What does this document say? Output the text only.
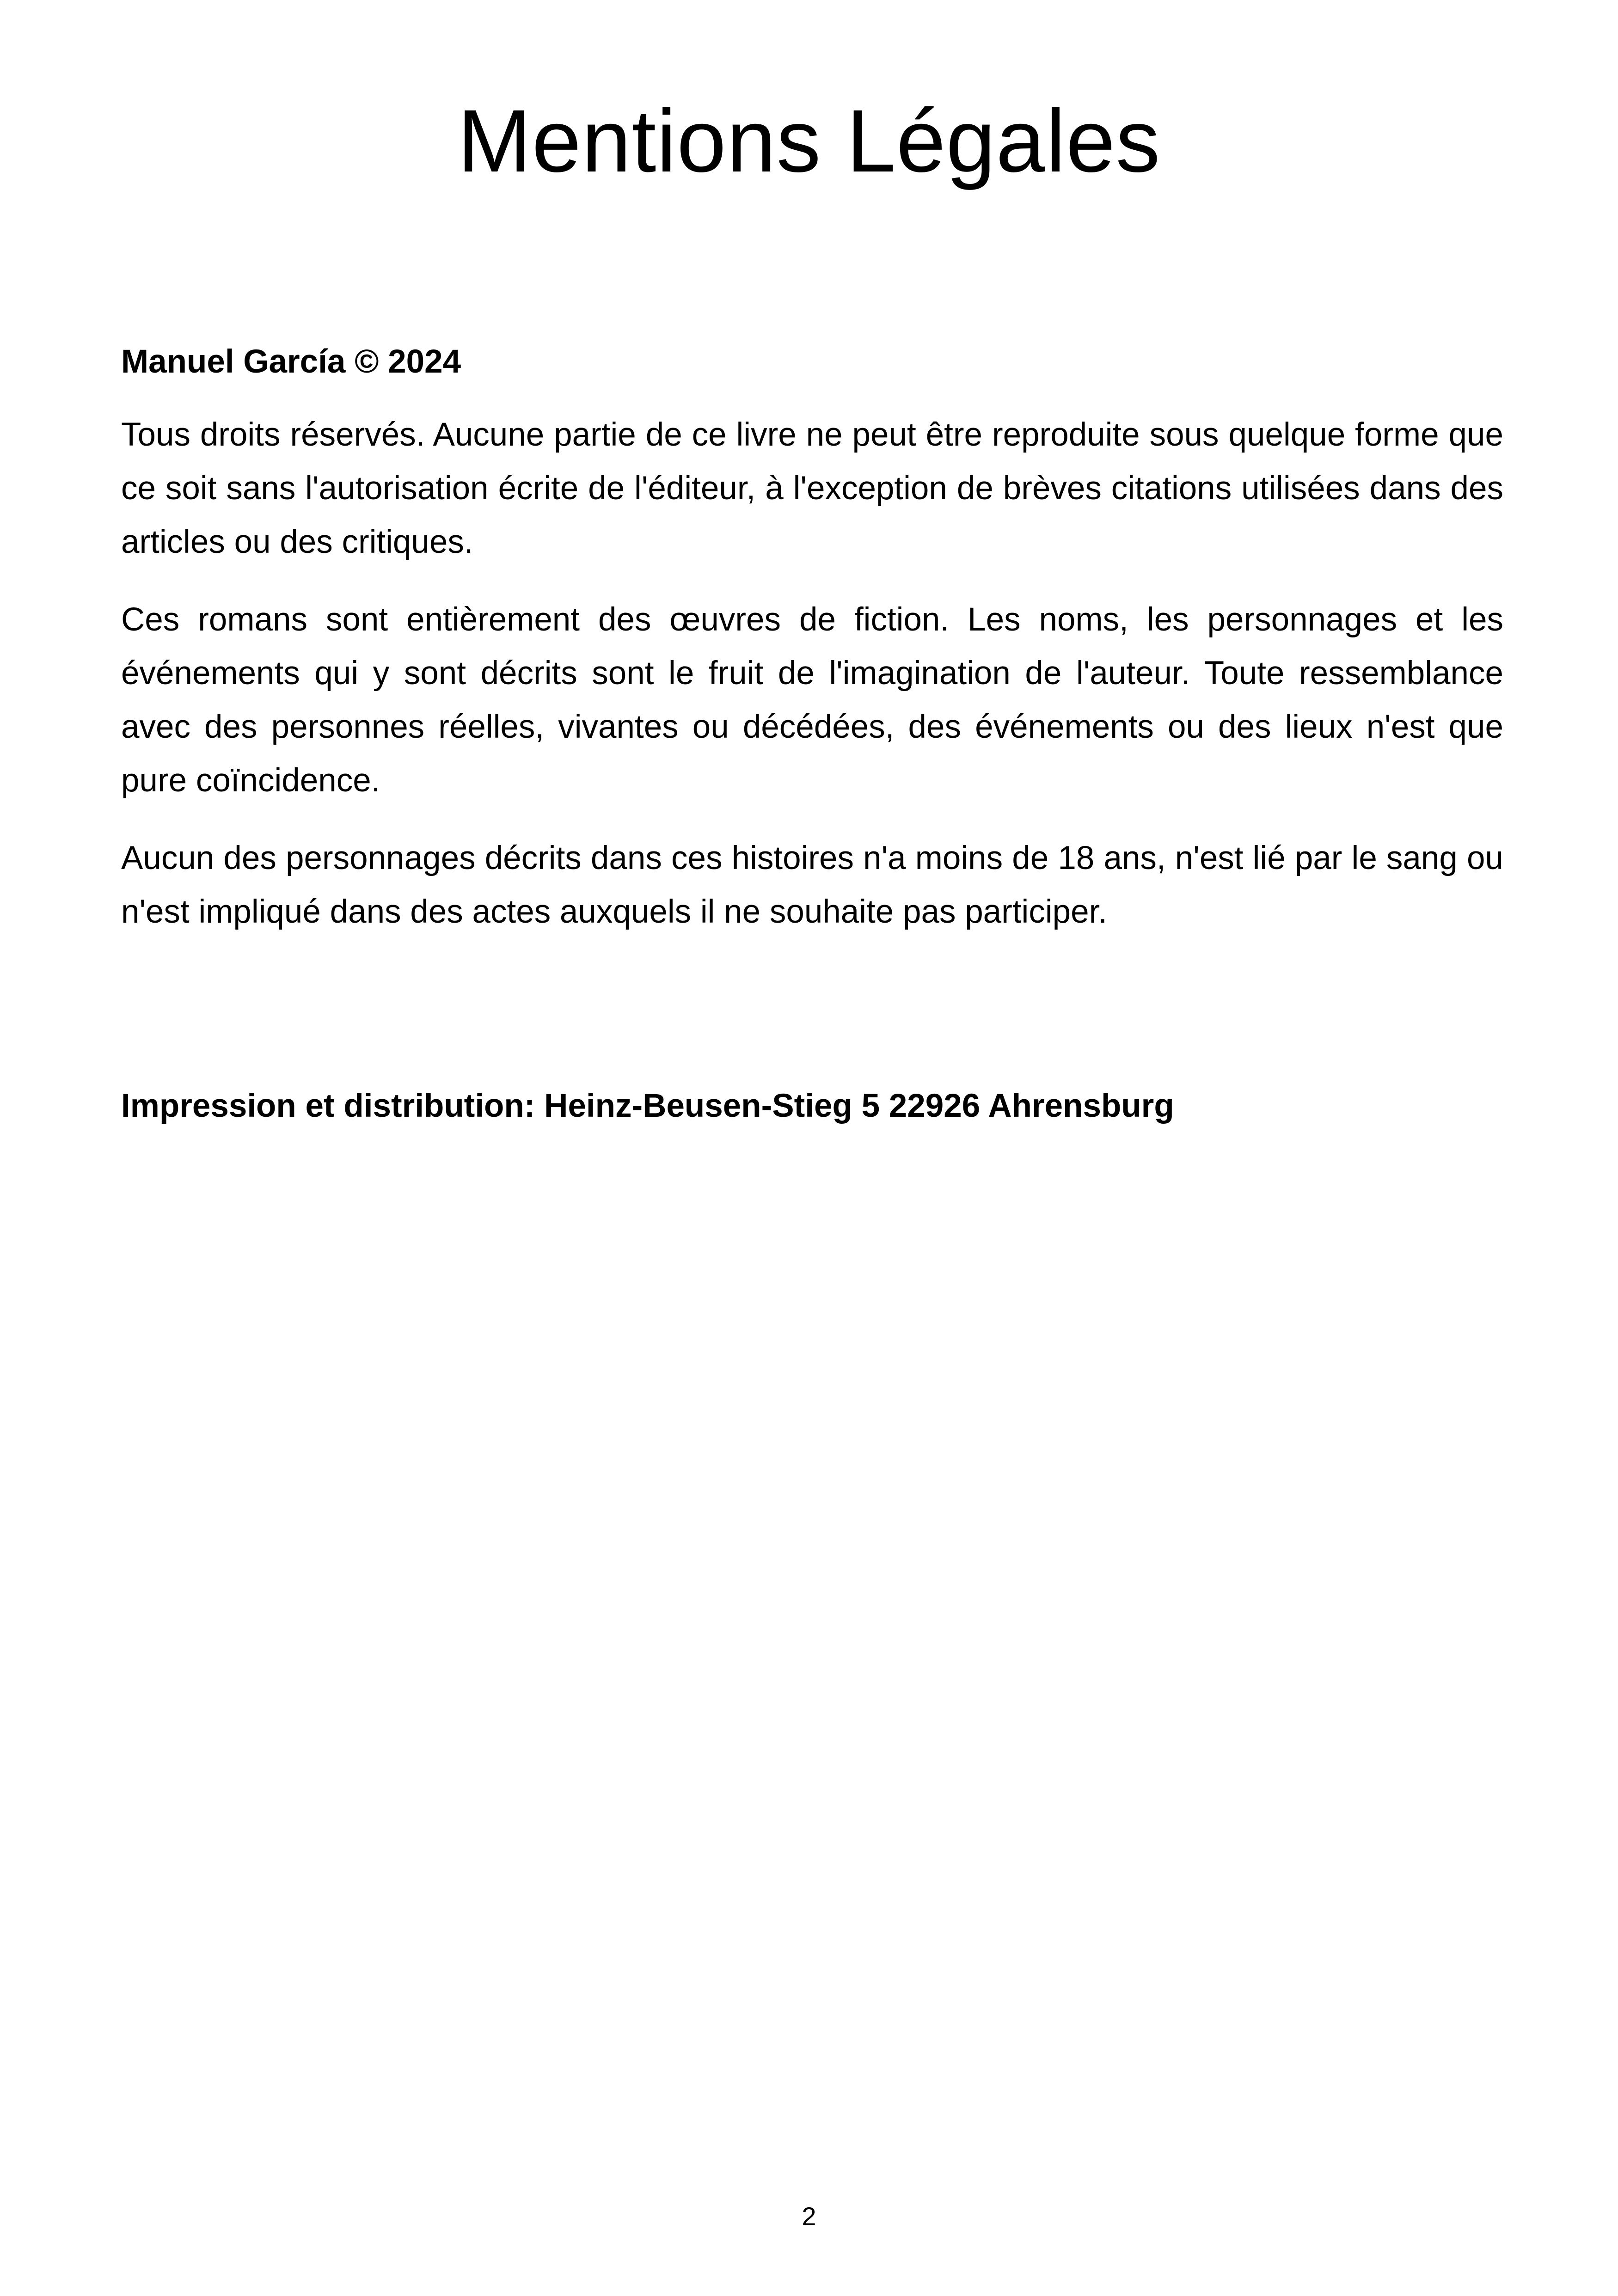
Mentions Légales

Manuel García © 2024

Tous droits réservés. Aucune partie de ce livre ne peut être reproduite sous quelque forme que ce soit sans l'autorisation écrite de l'éditeur, à l'exception de brèves citations utilisées dans des articles ou des critiques.

Ces romans sont entièrement des œuvres de fiction. Les noms, les personnages et les événements qui y sont décrits sont le fruit de l'imagination de l'auteur. Toute ressemblance avec des personnes réelles, vivantes ou décédées, des événements ou des lieux n'est que pure coïncidence.

Aucun des personnages décrits dans ces histoires n'a moins de 18 ans, n'est lié par le sang ou n'est impliqué dans des actes auxquels il ne souhaite pas participer.

Impression et distribution: Heinz-Beusen-Stieg 5 22926 Ahrensburg

2
